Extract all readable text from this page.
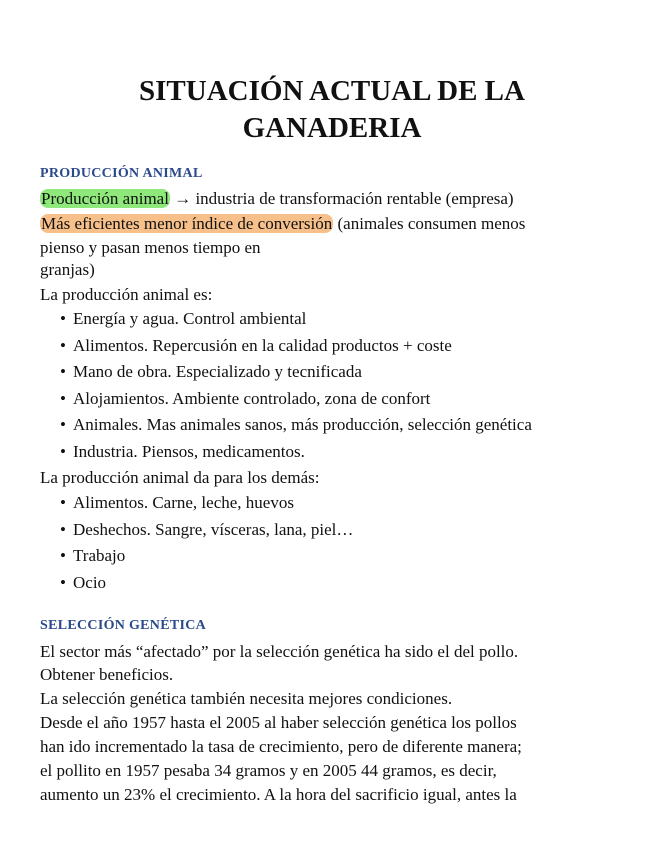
SITUACIÓN ACTUAL DE LA
GANADERIA
PRODUCCIÓN ANIMAL

Producción animal → industria de transformación rentable (empresa)

Más eficientes menor índice de conversión (animales consumen menos

pienso y pasan menos tiempo en

granjas)

La producción animal es:

• Energía y agua. Control ambiental
• Alimentos. Repercusión en la calidad productos + coste
• Mano de obra. Especializado y tecnificada
• Alojamientos. Ambiente controlado, zona de confort
• Animales. Mas animales sanos, más producción, selección genética
• Industria. Piensos, medicamentos.

La producción animal da para los demás:

• Alimentos. Carne, leche, huevos
• Deshechos. Sangre, vísceras, lana, piel…
• Trabajo
• Ocio
SELECCIÓN GENÉTICA

El sector más “afectado” por la selección genética ha sido el del pollo.

Obtener beneficios.

La selección genética también necesita mejores condiciones.

Desde el año 1957 hasta el 2005 al haber selección genética los pollos

han ido incrementado la tasa de crecimiento, pero de diferente manera;

el pollito en 1957 pesaba 34 gramos y en 2005 44 gramos, es decir,

aumento un 23% el crecimiento. A la hora del sacrificio igual, antes la
